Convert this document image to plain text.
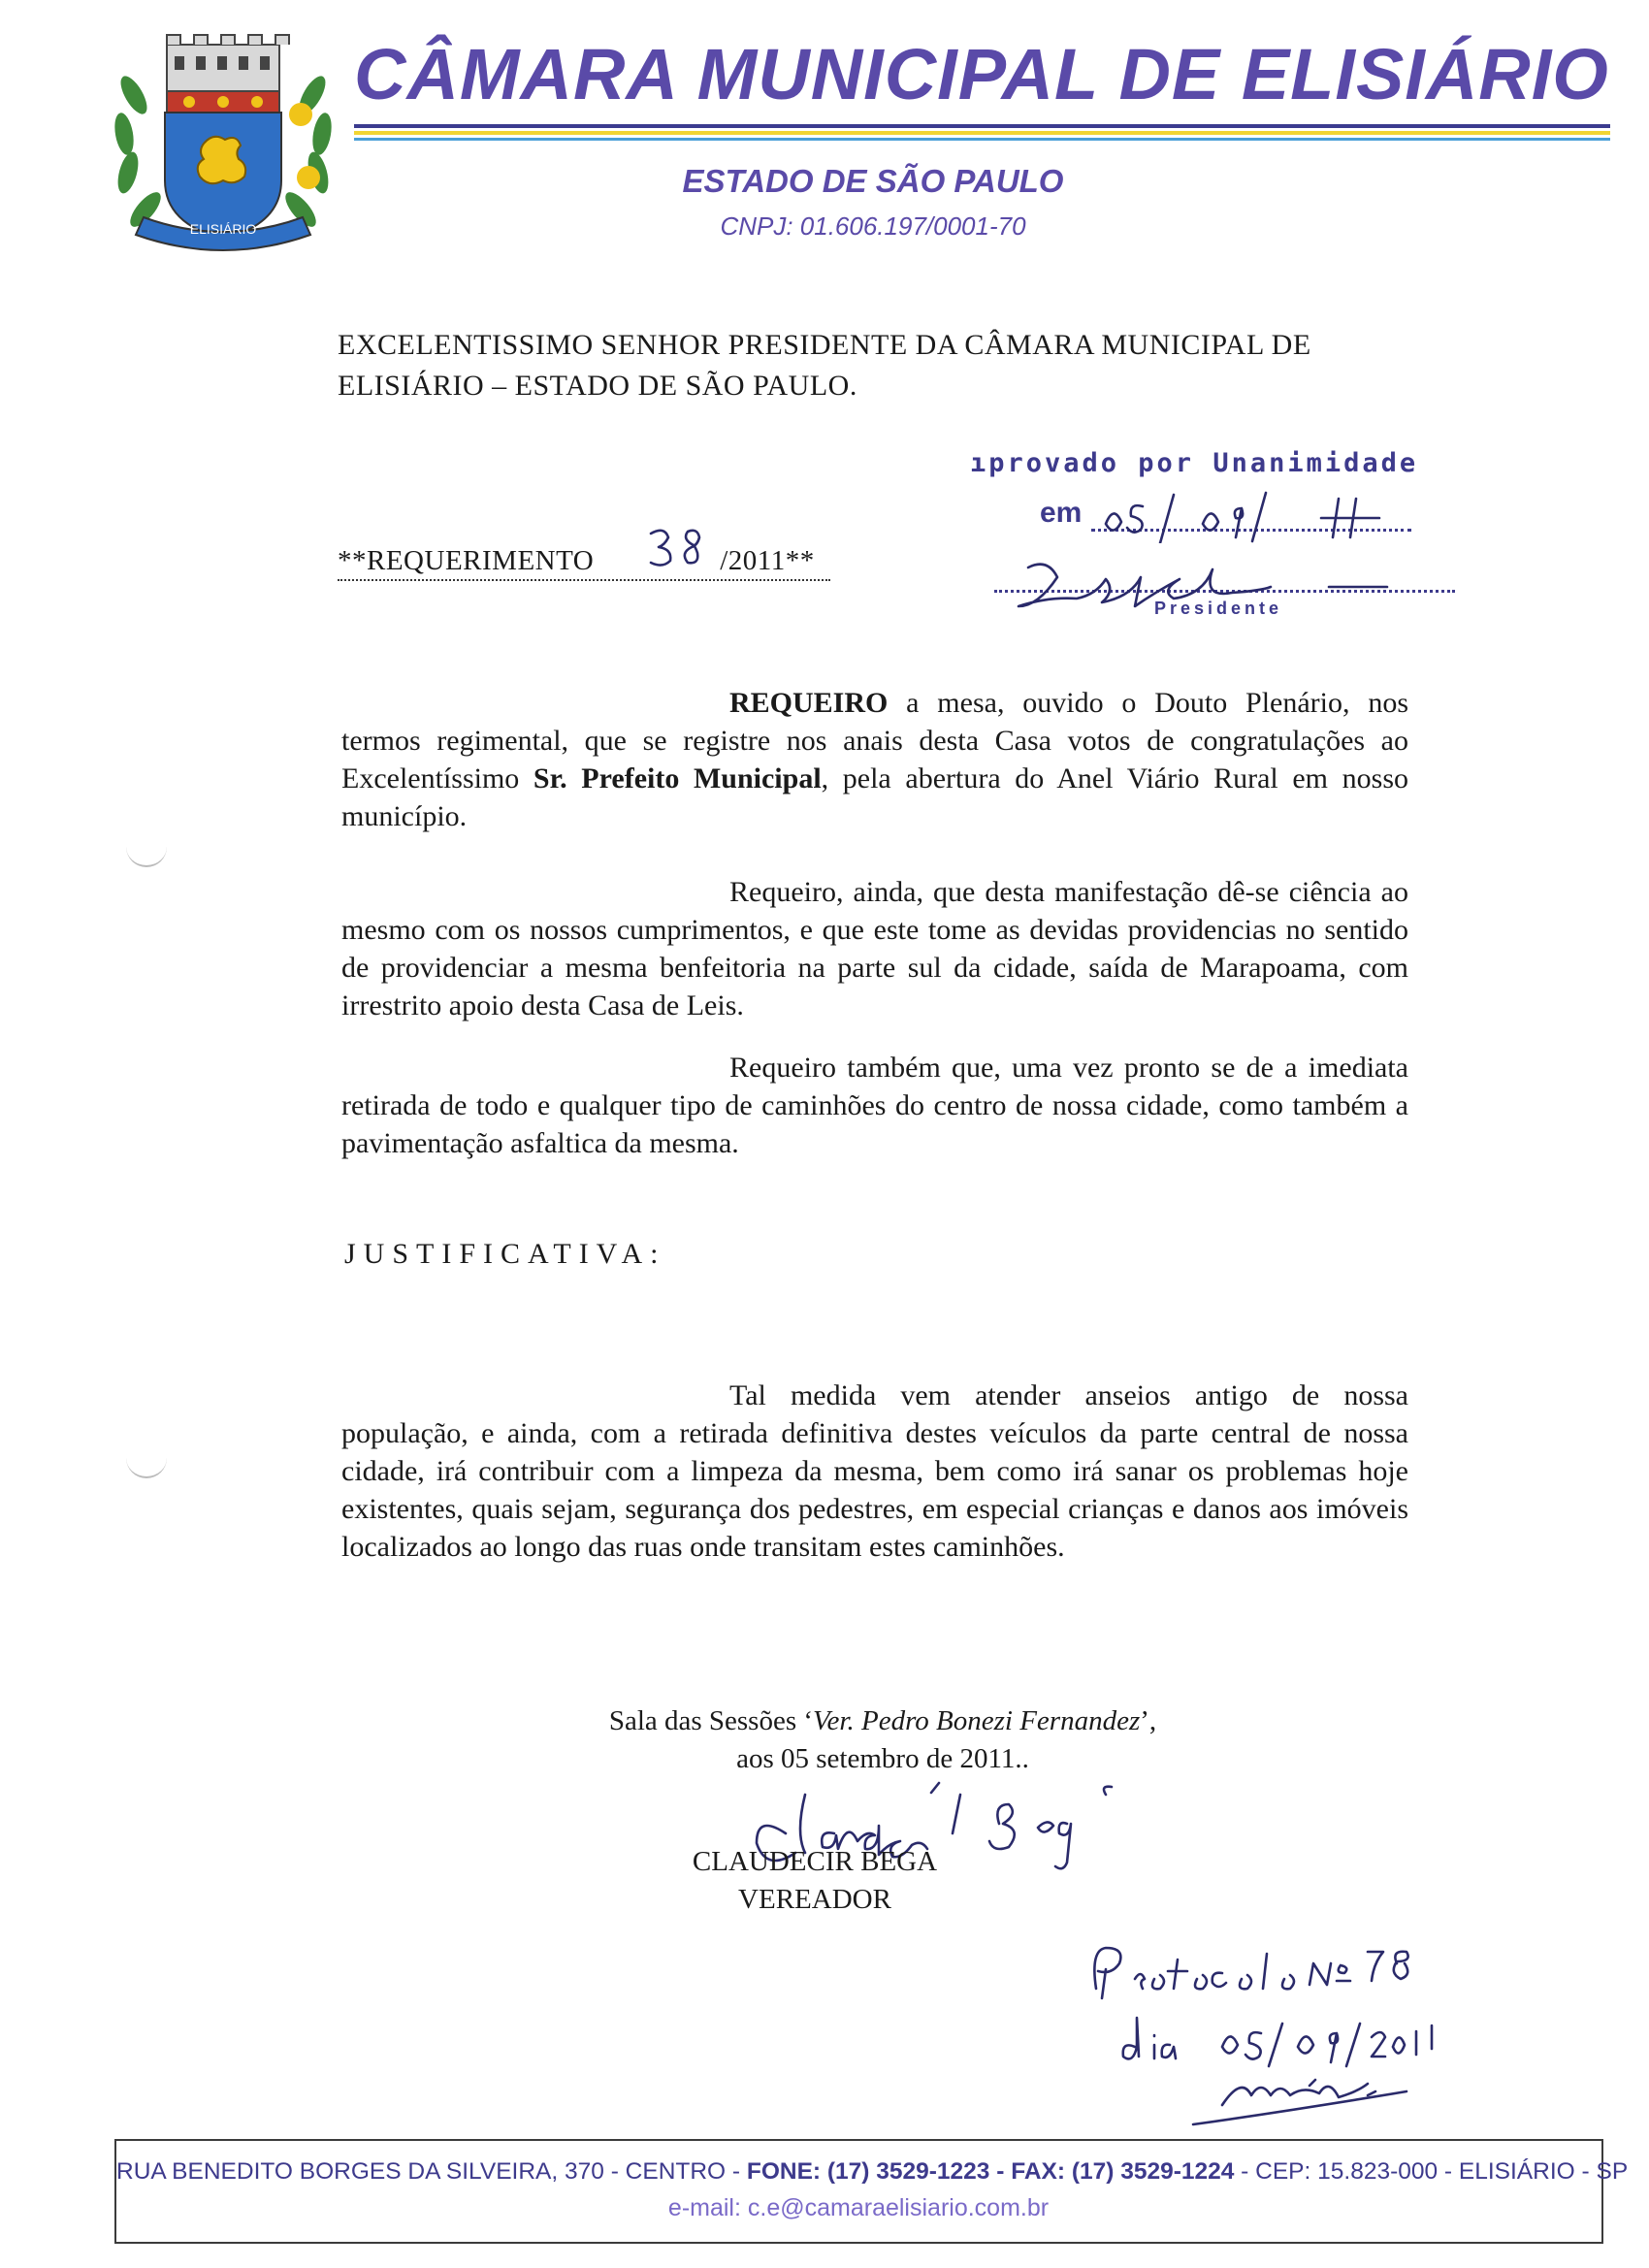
ELISIÁRIO
CÂMARA MUNICIPAL DE ELISIÁRIO
ESTADO DE SÃO PAULO
CNPJ: 01.606.197/0001-70
EXCELENTISSIMO SENHOR PRESIDENTE DA CÂMARA MUNICIPAL DE
ELISIÁRIO – ESTADO DE SÃO PAULO.
ıprovado por Unanimidade
em
Presidente
**REQUERIMENTO	/2011**
REQUEIRO a mesa, ouvido o Douto Plenário, nos termos regimental, que se registre nos anais desta Casa votos de congratulações ao Excelentíssimo Sr. Prefeito Municipal, pela abertura do Anel Viário Rural em nosso município.
Requeiro, ainda, que desta manifestação dê-se ciência ao mesmo com os nossos cumprimentos, e que este tome as devidas providencias no sentido de providenciar a mesma benfeitoria na parte sul da cidade, saída de Marapoama, com irrestrito apoio desta Casa de Leis.
Requeiro também que, uma vez pronto se de a imediata retirada de todo e qualquer tipo de caminhões do centro de nossa cidade, como também a pavimentação asfaltica da mesma.
JUSTIFICATIVA:
Tal medida vem atender anseios antigo de nossa população, e ainda, com a retirada definitiva destes veículos da parte central de nossa cidade, irá contribuir com a limpeza da mesma, bem como irá sanar os problemas hoje existentes, quais sejam, segurança dos pedestres, em especial crianças e danos aos imóveis localizados ao longo das ruas onde transitam estes caminhões.
Sala das Sessões ‘Ver. Pedro Bonezi Fernandez’,
aos 05 setembro de 2011..
CLAUDECIR BEGA
VEREADOR
RUA BENEDITO BORGES DA SILVEIRA, 370 - CENTRO - FONE: (17) 3529-1223 - FAX: (17) 3529-1224 - CEP: 15.823-000 - ELISIÁRIO - SP
e-mail: c.e@camaraelisiario.com.br
